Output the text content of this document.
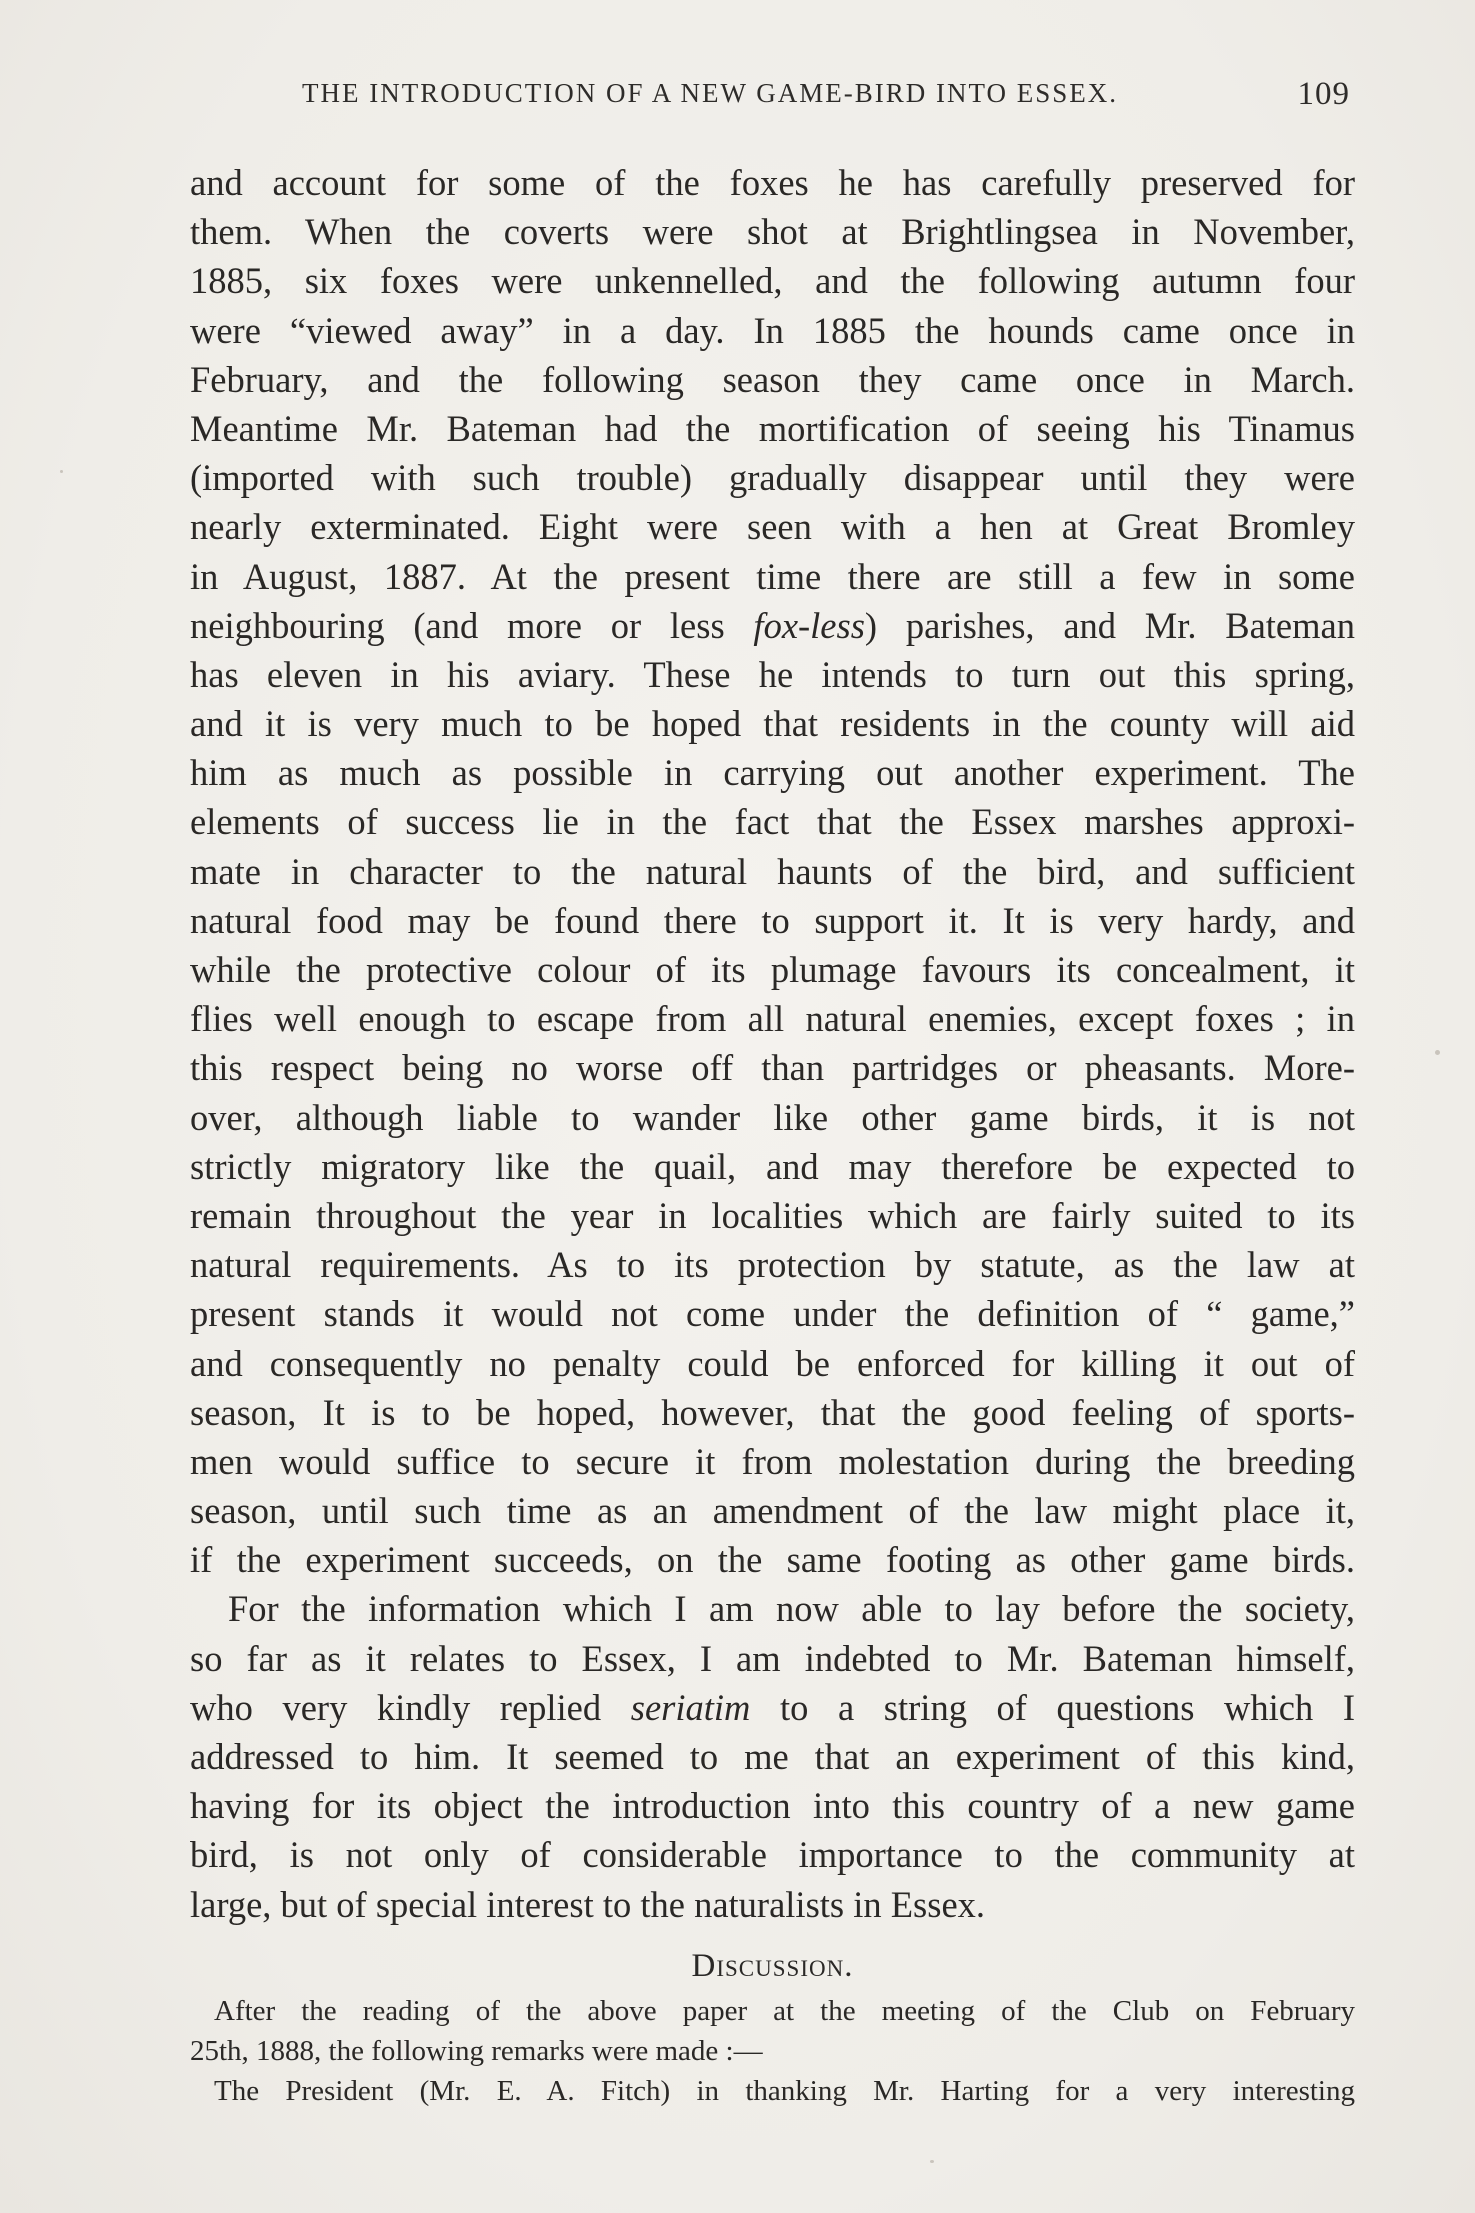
THE INTRODUCTION OF A NEW GAME-BIRD INTO ESSEX.	109
and account for some of the foxes he has carefully preserved for
them. When the coverts were shot at Brightlingsea in November,
1885, six foxes were unkennelled, and the following autumn four
were “viewed away” in a day. In 1885 the hounds came once in
February, and the following season they came once in March.
Meantime Mr. Bateman had the mortification of seeing his Tinamus
(imported with such trouble) gradually disappear until they were
nearly exterminated. Eight were seen with a hen at Great Bromley
in August, 1887. At the present time there are still a few in some
neighbouring (and more or less fox-less) parishes, and Mr. Bateman
has eleven in his aviary. These he intends to turn out this spring,
and it is very much to be hoped that residents in the county will aid
him as much as possible in carrying out another experiment. The
elements of success lie in the fact that the Essex marshes approxi-
mate in character to the natural haunts of the bird, and sufficient
natural food may be found there to support it. It is very hardy, and
while the protective colour of its plumage favours its concealment, it
flies well enough to escape from all natural enemies, except foxes ; in
this respect being no worse off than partridges or pheasants. More-
over, although liable to wander like other game birds, it is not
strictly migratory like the quail, and may therefore be expected to
remain throughout the year in localities which are fairly suited to its
natural requirements. As to its protection by statute, as the law at
present stands it would not come under the definition of “ game,”
and consequently no penalty could be enforced for killing it out of
season, It is to be hoped, however, that the good feeling of sports-
men would suffice to secure it from molestation during the breeding
season, until such time as an amendment of the law might place it,
if the experiment succeeds, on the same footing as other game birds.
For the information which I am now able to lay before the society,
so far as it relates to Essex, I am indebted to Mr. Bateman himself,
who very kindly replied seriatim to a string of questions which I
addressed to him. It seemed to me that an experiment of this kind,
having for its object the introduction into this country of a new game
bird, is not only of considerable importance to the community at
large, but of special interest to the naturalists in Essex.
Discussion.
After the reading of the above paper at the meeting of the Club on February
25th, 1888, the following remarks were made :—
The President (Mr. E. A. Fitch) in thanking Mr. Harting for a very interesting
